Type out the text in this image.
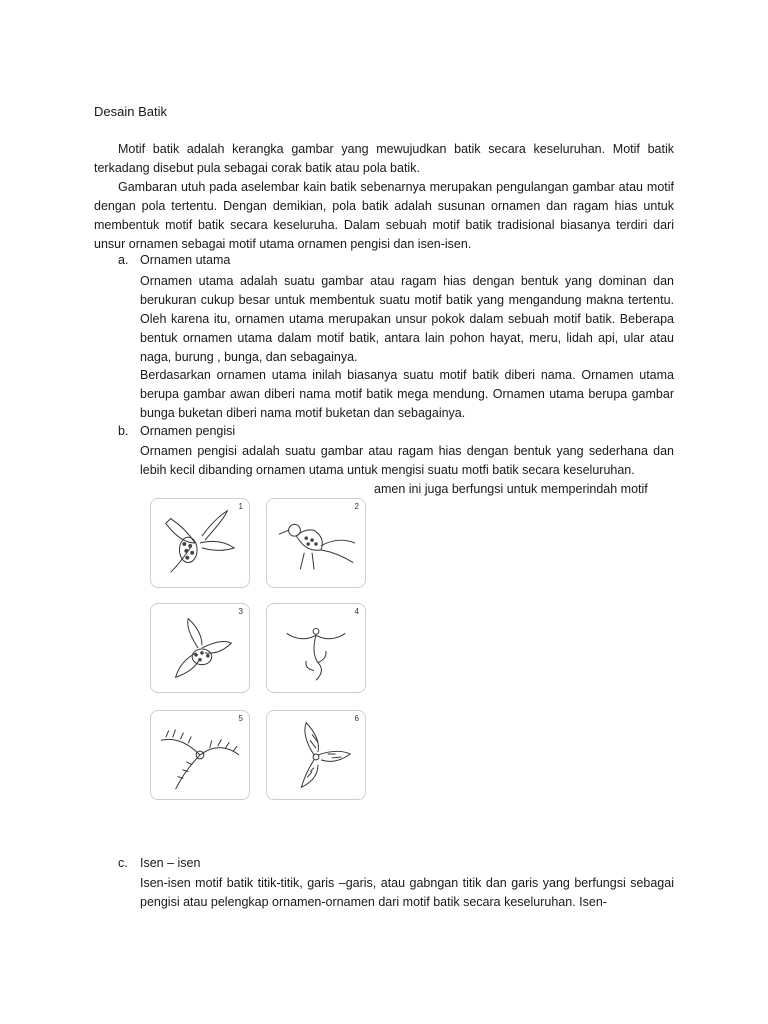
Desain Batik
Motif batik adalah kerangka gambar yang mewujudkan batik secara keseluruhan. Motif batik terkadang disebut pula sebagai corak batik atau pola batik.
Gambaran utuh pada aselembar kain batik sebenarnya merupakan pengulangan gambar atau motif dengan pola tertentu. Dengan demikian, pola batik adalah susunan ornamen dan ragam hias untuk membentuk motif batik secara keseluruha. Dalam sebuah motif batik tradisional biasanya terdiri dari unsur ornamen sebagai motif utama ornamen pengisi dan isen-isen.
a. Ornamen utama
Ornamen utama adalah suatu gambar atau ragam hias dengan bentuk yang dominan dan berukuran cukup besar untuk membentuk suatu motif batik yang mengandung makna tertentu. Oleh karena itu, ornamen utama merupakan unsur pokok dalam sebuah motif batik. Beberapa bentuk ornamen utama dalam motif batik, antara lain pohon hayat, meru, lidah api, ular atau naga, burung , bunga, dan sebagainya.
Berdasarkan ornamen utama inilah biasanya suatu motif batik diberi nama. Ornamen utama berupa gambar awan diberi nama motif batik mega mendung. Ornamen utama berupa gambar bunga buketan diberi nama motif buketan dan sebagainya.
b. Ornamen pengisi
Ornamen pengisi adalah suatu gambar atau ragam hias dengan bentuk yang sederhana dan lebih kecil dibanding ornamen utama untuk mengisi suatu motfi batik secara keseluruhan.
amen ini juga berfungsi untuk memperindah motif
1	2
3	4
5	6
c. Isen – isen
Isen-isen motif batik titik-titik, garis –garis, atau gabngan titik dan garis yang berfungsi sebagai pengisi atau pelengkap ornamen-ornamen dari motif batik secara keseluruhan. Isen-
